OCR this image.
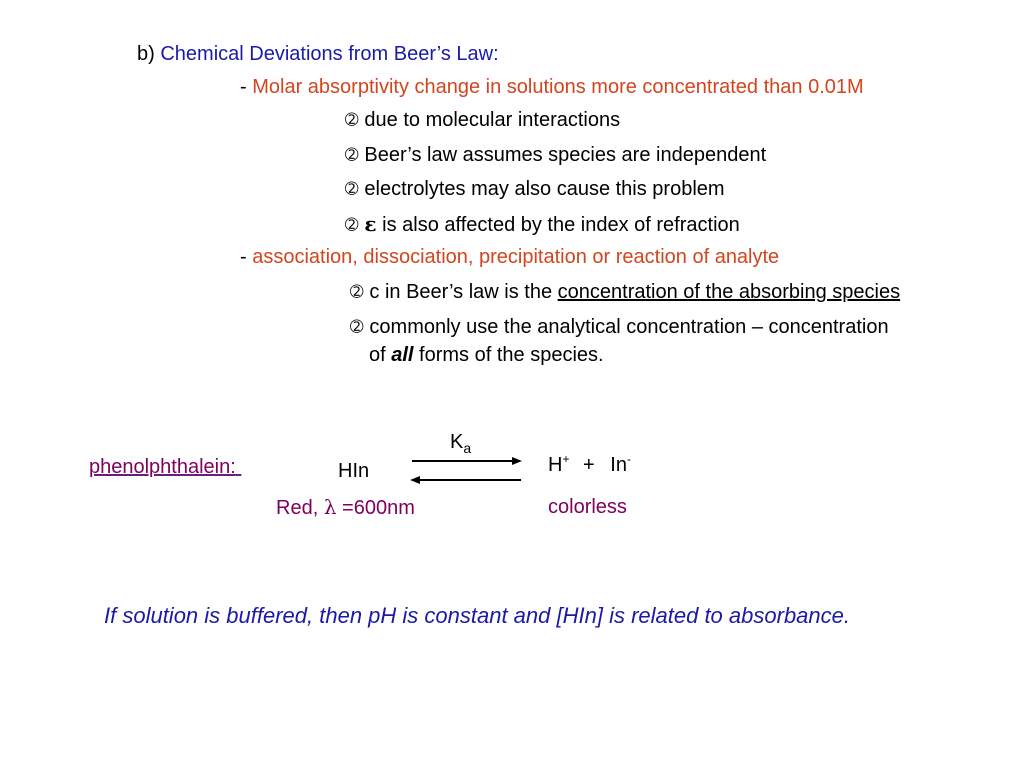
b) Chemical Deviations from Beer’s Law:
- Molar absorptivity change in solutions more concentrated than 0.01M
➁ due to molecular interactions
➁ Beer’s law assumes species are independent
➁ electrolytes may also cause this problem
➁ ε is also affected by the index of refraction
- association, dissociation, precipitation or reaction of analyte
➁ c in Beer’s law is the concentration of the absorbing species
➁ commonly use the analytical concentration – concentration
of all forms of the species.
phenolphthalein:	HIn
$K_a$
H+ + In-
Red, λ =600nm	colorless
If solution is buffered, then pH is constant and [HIn] is related to absorbance.
